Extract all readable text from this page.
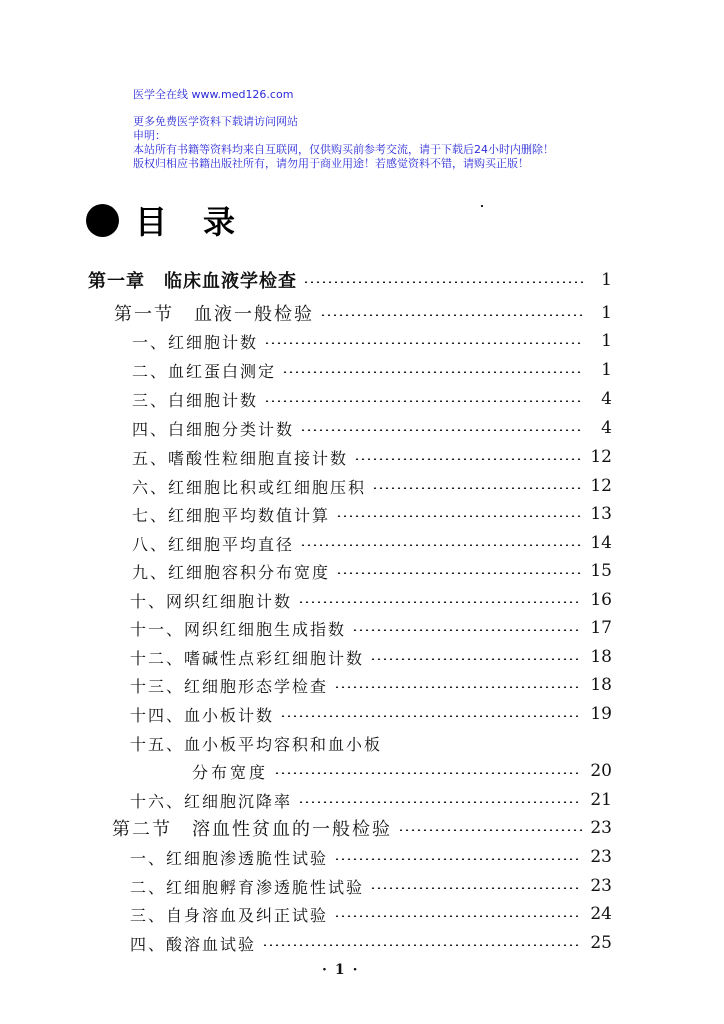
医学全在线 www.med126.com
更多免费医学资料下载请访问网站
申明：
本站所有书籍等资料均来自互联网，仅供购买前参考交流，请于下载后24小时内删除！
版权归相应书籍出版社所有，请勿用于商业用途！若感觉资料不错，请购买正版！
目 录
第一章　临床血液学检查	1
第一节　血液一般检验	1
一、红细胞计数	1
二、血红蛋白测定	1
三、白细胞计数	4
四、白细胞分类计数	4
五、嗜酸性粒细胞直接计数	12
六、红细胞比积或红细胞压积	12
七、红细胞平均数值计算	13
八、红细胞平均直径	14
九、红细胞容积分布宽度	15
十、网织红细胞计数	16
十一、网织红细胞生成指数	17
十二、嗜碱性点彩红细胞计数	18
十三、红细胞形态学检查	18
十四、血小板计数	19
十五、血小板平均容积和血小板
分布宽度	20
十六、红细胞沉降率	21
第二节　溶血性贫血的一般检验	23
一、红细胞渗透脆性试验	23
二、红细胞孵育渗透脆性试验	23
三、自身溶血及纠正试验	24
四、酸溶血试验	25
·1·
